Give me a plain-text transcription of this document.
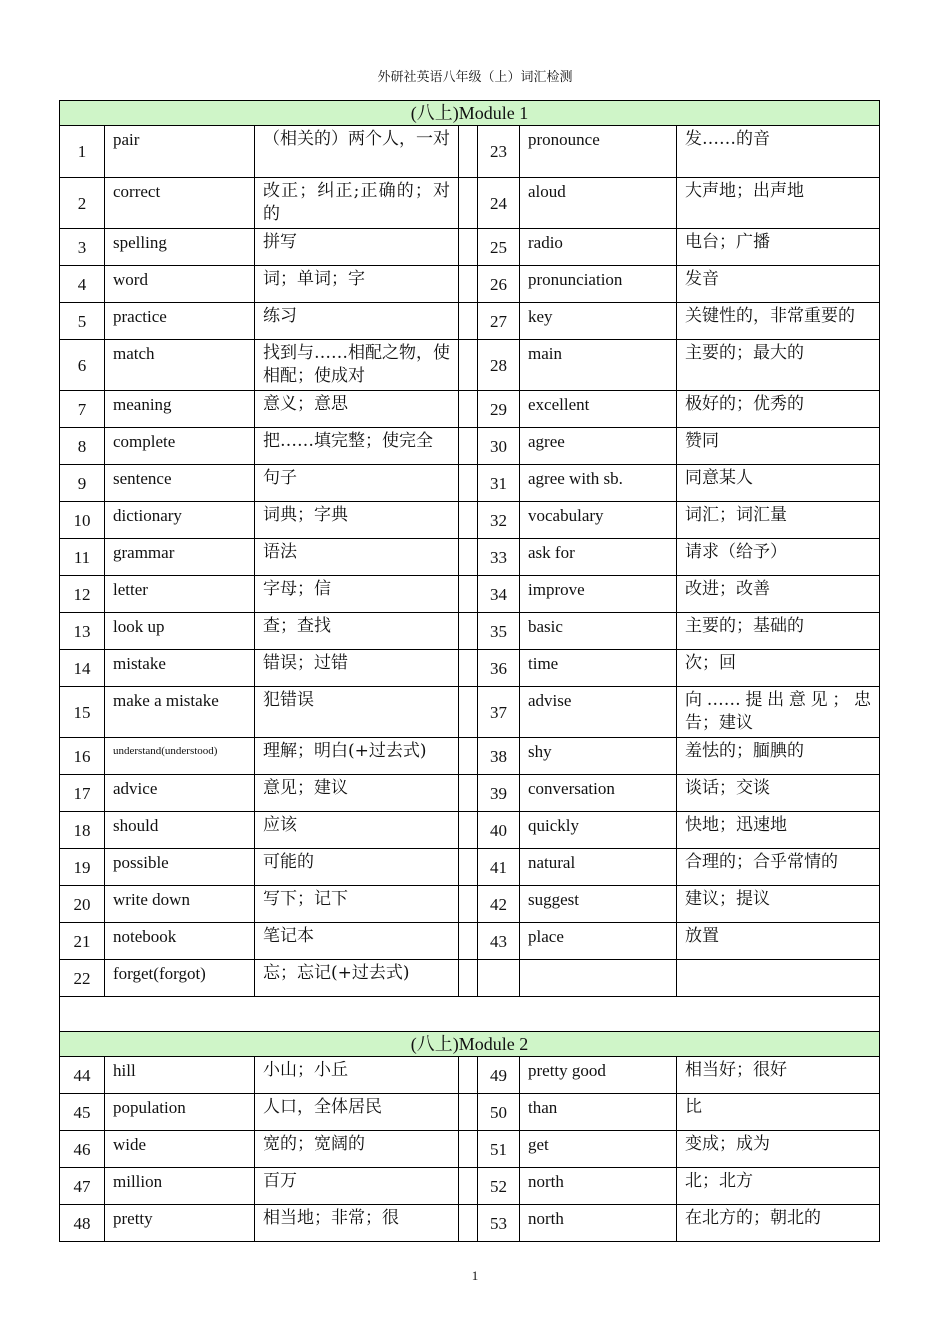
外研社英语八年级（上）词汇检测
(八上)Module 1						
1	pair	（相关的）两个人，一对		23	pronounce	发……的音
2	correct	改正；纠正;正确的；对的		24	aloud	大声地；出声地
3	spelling	拼写		25	radio	电台；广播
4	word	词；单词；字		26	pronunciation	发音
5	practice	练习		27	key	关键性的，非常重要的
6	match	找到与……相配之物，使相配；使成对		28	main	主要的；最大的
7	meaning	意义；意思		29	excellent	极好的；优秀的
8	complete	把……填完整；使完全		30	agree	赞同
9	sentence	句子		31	agree with sb.	同意某人
10	dictionary	词典；字典		32	vocabulary	词汇；词汇量
11	grammar	语法		33	ask for	请求（给予）
12	letter	字母；信		34	improve	改进；改善
13	look up	查；查找		35	basic	主要的；基础的
14	mistake	错误；过错		36	time	次；回
15	make a mistake	犯错误		37	advise	向……提出意见；忠告；建议
16	understand(understood)	理解；明白(+过去式)		38	shy	羞怯的；腼腆的
17	advice	意见；建议		39	conversation	谈话；交谈
18	should	应该		40	quickly	快地；迅速地
19	possible	可能的		41	natural	合理的；合乎常情的
20	write down	写下；记下		42	suggest	建议；提议
21	notebook	笔记本		43	place	放置
22	forget(forgot)	忘；忘记(+过去式)				

(八上)Module 2						
44	hill	小山；小丘		49	pretty good	相当好；很好
45	population	人口，全体居民		50	than	比
46	wide	宽的；宽阔的		51	get	变成；成为
47	million	百万		52	north	北；北方
48	pretty	相当地；非常；很		53	north	在北方的；朝北的
1
